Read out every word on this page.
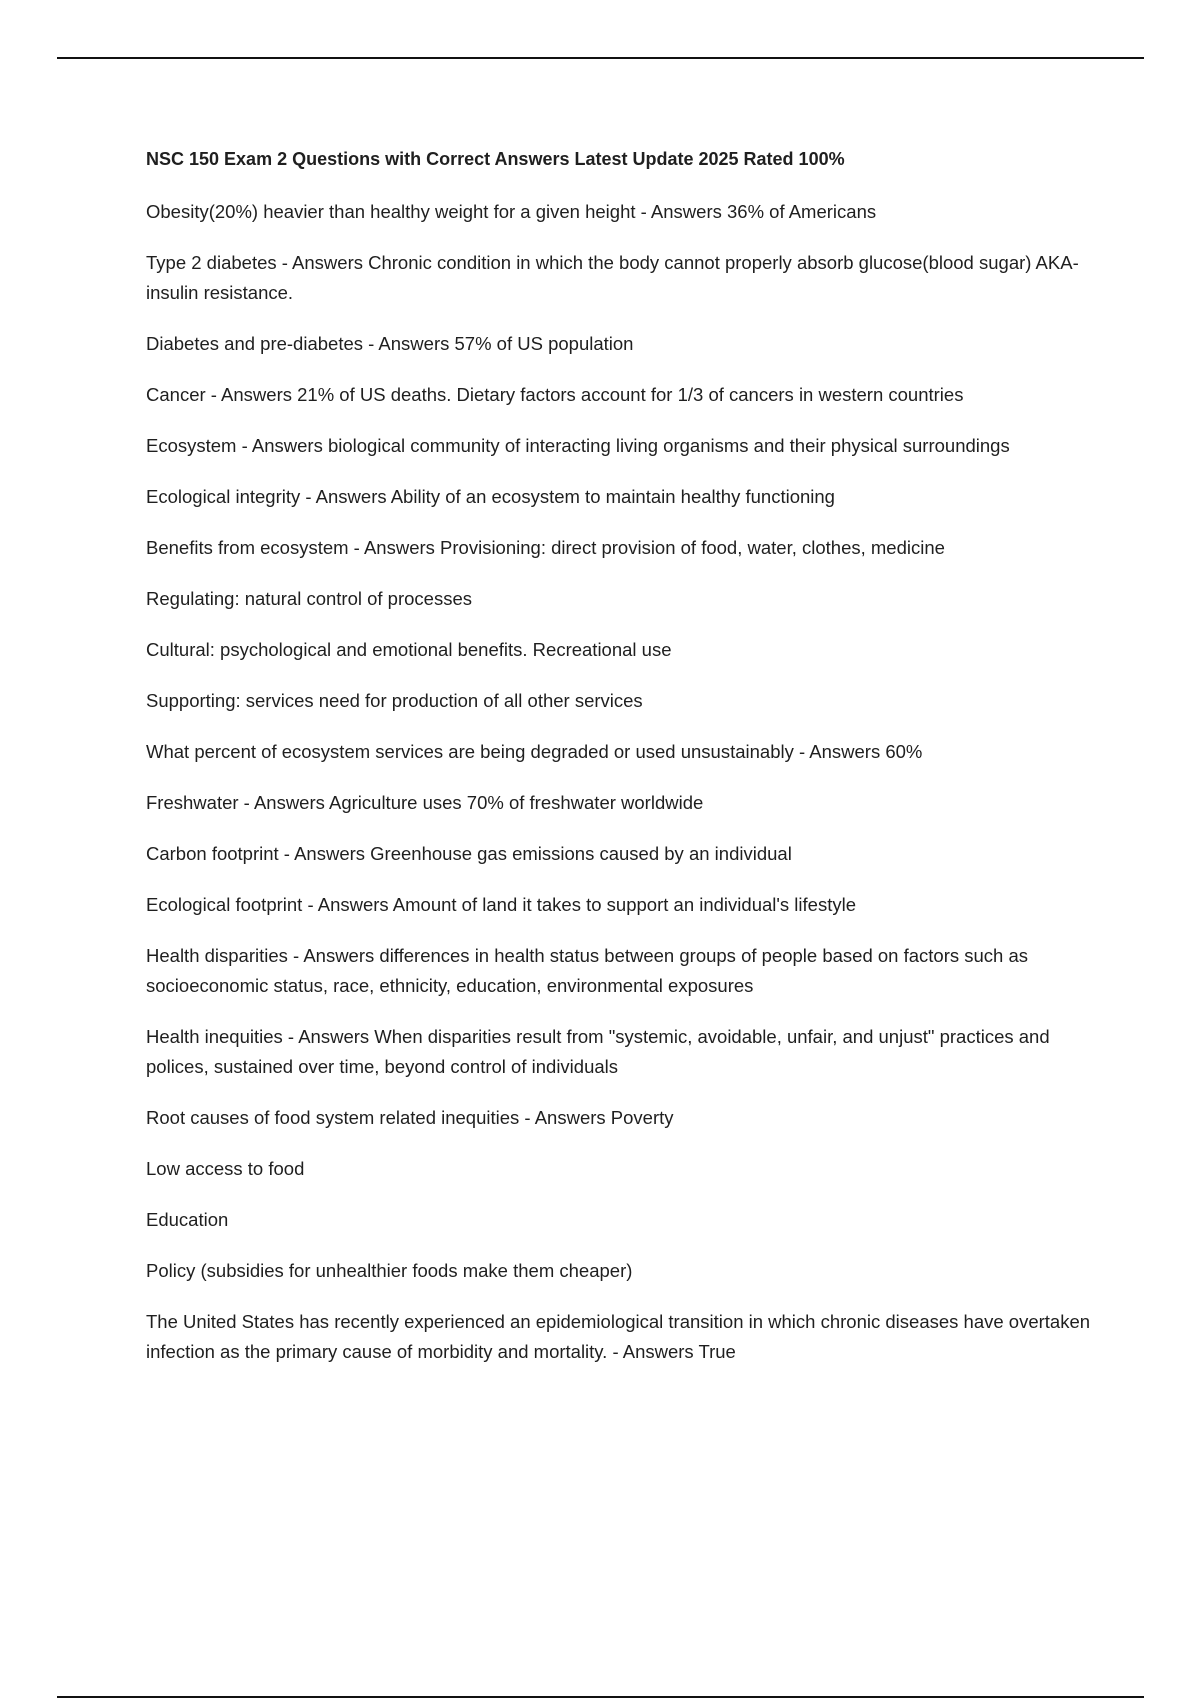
NSC 150 Exam 2 Questions with Correct Answers Latest Update 2025 Rated 100%
Obesity(20%) heavier than healthy weight for a given height - Answers 36% of Americans
Type 2 diabetes - Answers Chronic condition in which the body cannot properly absorb glucose(blood sugar) AKA- insulin resistance.
Diabetes and pre-diabetes - Answers 57% of US population
Cancer - Answers 21% of US deaths. Dietary factors account for 1/3 of cancers in western countries
Ecosystem - Answers biological community of interacting living organisms and their physical surroundings
Ecological integrity - Answers Ability of an ecosystem to maintain healthy functioning
Benefits from ecosystem - Answers Provisioning: direct provision of food, water, clothes, medicine
Regulating: natural control of processes
Cultural: psychological and emotional benefits. Recreational use
Supporting: services need for production of all other services
What percent of ecosystem services are being degraded or used unsustainably - Answers 60%
Freshwater - Answers Agriculture uses 70% of freshwater worldwide
Carbon footprint - Answers Greenhouse gas emissions caused by an individual
Ecological footprint - Answers Amount of land it takes to support an individual's lifestyle
Health disparities - Answers differences in health status between groups of people based on factors such as socioeconomic status, race, ethnicity, education, environmental exposures
Health inequities - Answers When disparities result from "systemic, avoidable, unfair, and unjust" practices and polices, sustained over time, beyond control of individuals
Root causes of food system related inequities - Answers Poverty
Low access to food
Education
Policy (subsidies for unhealthier foods make them cheaper)
The United States has recently experienced an epidemiological transition in which chronic diseases have overtaken infection as the primary cause of morbidity and mortality. - Answers True
